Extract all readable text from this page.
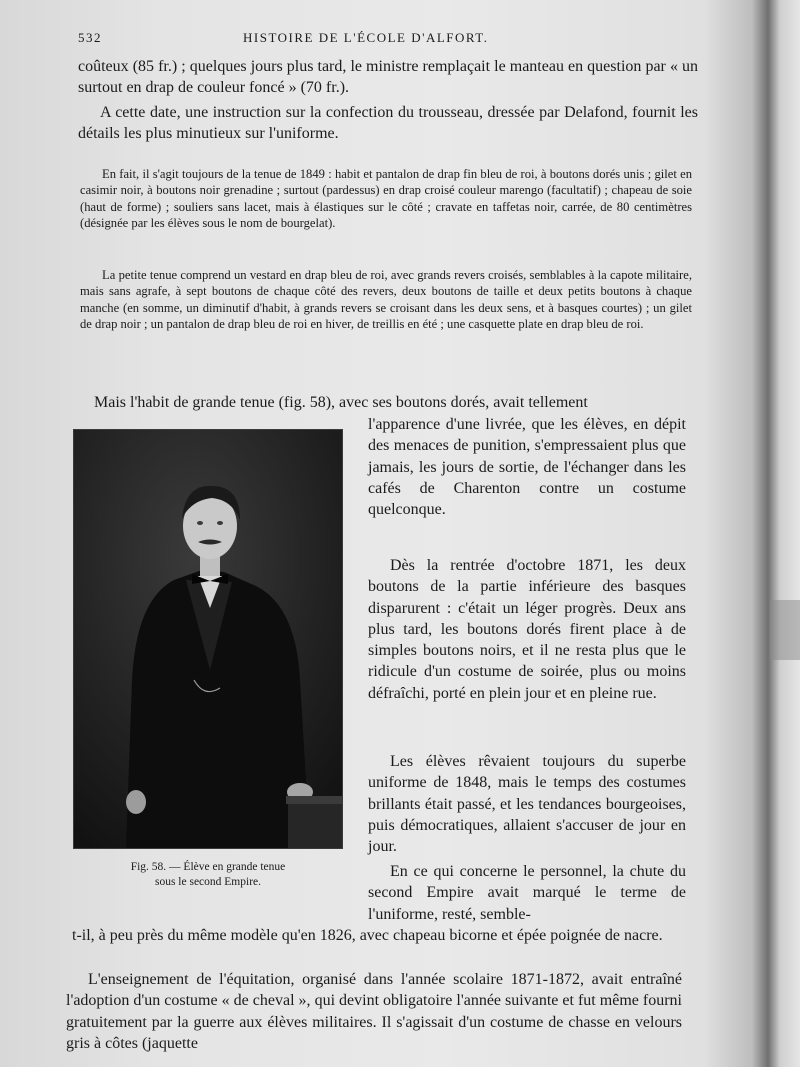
532	HISTOIRE DE L'ÉCOLE D'ALFORT.

coûteux (85 fr.) ; quelques jours plus tard, le ministre remplaçait le manteau en question par « un surtout en drap de couleur foncé » (70 fr.).

A cette date, une instruction sur la confection du trousseau, dressée par Delafond, fournit les détails les plus minutieux sur l'uniforme.

En fait, il s'agit toujours de la tenue de 1849 : habit et pantalon de drap fin bleu de roi, à boutons dorés unis ; gilet en casimir noir, à boutons noir grenadine ; surtout (pardessus) en drap croisé couleur marengo (facultatif) ; chapeau de soie (haut de forme) ; souliers sans lacet, mais à élastiques sur le côté ; cravate en taffetas noir, carrée, de 80 centimètres (désignée par les élèves sous le nom de bourgelat).

La petite tenue comprend un vestard en drap bleu de roi, avec grands revers croisés, semblables à la capote militaire, mais sans agrafe, à sept boutons de chaque côté des revers, deux boutons de taille et deux petits boutons à chaque manche (en somme, un diminutif d'habit, à grands revers se croisant dans les deux sens, et à basques courtes) ; un gilet de drap noir ; un pantalon de drap bleu de roi en hiver, de treillis en été ; une casquette plate en drap bleu de roi.

Mais l'habit de grande tenue (fig. 58), avec ses boutons dorés, avait tellement

l'apparence d'une livrée, que les élèves, en dépit des menaces de punition, s'empressaient plus que jamais, les jours de sortie, de l'échanger dans les cafés de Charenton contre un costume quelconque.

Dès la rentrée d'octobre 1871, les deux boutons de la partie inférieure des basques disparurent : c'était un léger progrès. Deux ans plus tard, les boutons dorés firent place à de simples boutons noirs, et il ne resta plus que le ridicule d'un costume de soirée, plus ou moins défraîchi, porté en plein jour et en pleine rue.

Les élèves rêvaient toujours du superbe uniforme de 1848, mais le temps des costumes brillants était passé, et les tendances bourgeoises, puis démocratiques, allaient s'accuser de jour en jour.

En ce qui concerne le personnel, la chute du second Empire avait marqué le terme de l'uniforme, resté, semble-

t-il, à peu près du même modèle qu'en 1826, avec chapeau bicorne et épée poignée de nacre.

L'enseignement de l'équitation, organisé dans l'année scolaire 1871-1872, avait entraîné l'adoption d'un costume « de cheval », qui devint obligatoire l'année suivante et fut même fourni gratuitement par la guerre aux élèves militaires. Il s'agissait d'un costume de chasse en velours gris à côtes (jaquette

Fig. 58. — Élève en grande tenue
sous le second Empire.
